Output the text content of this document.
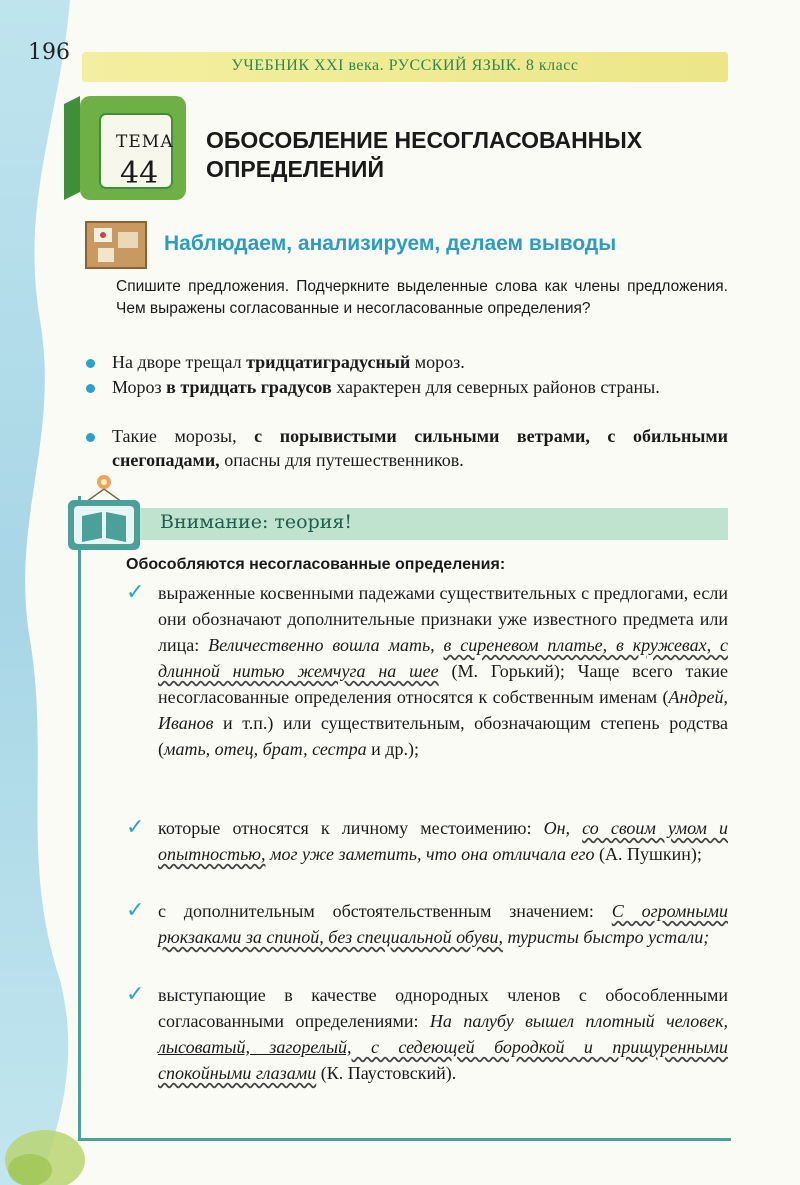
196
УЧЕБНИК XXI века. РУССКИЙ ЯЗЫК. 8 класс
ТЕМА
44
ОБОСОБЛЕНИЕ НЕСОГЛАСОВАННЫХ
ОПРЕДЕЛЕНИЙ
Наблюдаем, анализируем, делаем выводы
Спишите предложения. Подчеркните выделенные слова как члены предложения. Чем выражены согласованные и несогласованные определения?
На дворе трещал тридцатиградусный мороз.
Мороз в тридцать градусов характерен для северных районов страны.
Такие морозы, с порывистыми сильными ветрами, с обильными снегопадами, опасны для путешественников.
Внимание: теория!
Обособляются несогласованные определения:
✓ выраженные косвенными падежами существительных с предлогами, если они обозначают дополнительные признаки уже известного предмета или лица: Величественно вошла мать, в сиреневом платье, в кружевах, с длинной нитью жемчуга на шее (М. Горький); Чаще всего такие несогласованные определения относятся к собственным именам (Андрей, Иванов и т.п.) или существительным, обозначающим степень родства (мать, отец, брат, сестра и др.);
✓ которые относятся к личному местоимению: Он, со своим умом и опытностью, мог уже заметить, что она отличала его (А. Пушкин);
✓ с дополнительным обстоятельственным значением: С огромными рюкзаками за спиной, без специальной обуви, туристы быстро устали;
✓ выступающие в качестве однородных членов с обособленными согласованными определениями: На палубу вышел плотный человек, лысоватый, загорелый, с седеющей бородкой и прищуренными спокойными глазами (К. Паустовский).
